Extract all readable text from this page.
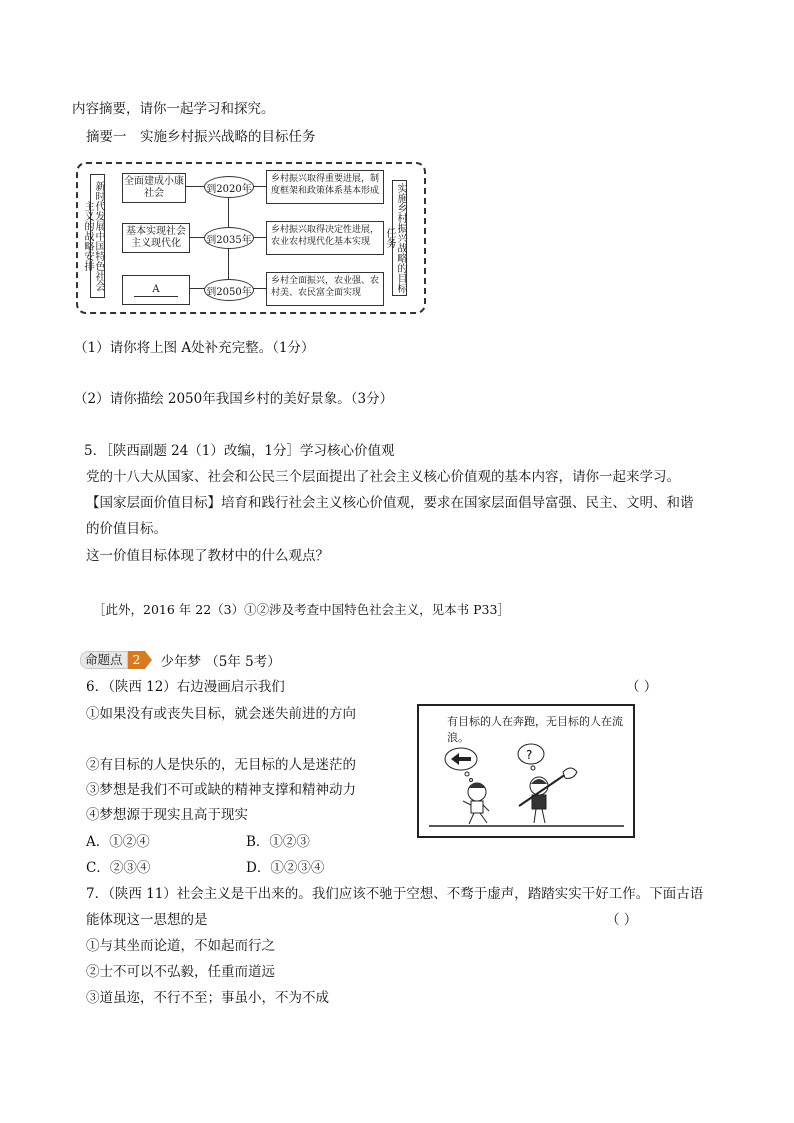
内容摘要，请你一起学习和探究。
摘要一　实施乡村振兴战略的目标任务
新时代发展中国特色社会主义的战略安排	实施乡村振兴战略的目标任务
全面建成小康社会	到2020年
乡村振兴取得重要进展，制度框架和政策体系基本形成
基本实现社会主义现代化	到2035年
乡村振兴取得决定性进展，农业农村现代化基本实现
A	到2050年
乡村全面振兴，农业强、农村美、农民富全面实现
（1）请你将上图 A处补充完整。（1分）
（2）请你描绘 2050年我国乡村的美好景象。（3分）
5．［陕西副题 24（1）改编，1分］学习核心价值观
党的十八大从国家、社会和公民三个层面提出了社会主义核心价值观的基本内容，请你一起来学习。
【国家层面价值目标】培育和践行社会主义核心价值观，要求在国家层面倡导富强、民主、文明、和谐
的价值目标。
这一价值目标体现了教材中的什么观点？
［此外，2016 年 22（3）①②涉及考查中国特色社会主义，见本书 P33］
命题点 2	少年梦 （5年 5考）
6．（陕西 12）右边漫画启示我们	（ ）
①如果没有或丧失目标，就会迷失前进的方向
②有目标的人是快乐的，无目标的人是迷茫的
③梦想是我们不可或缺的精神支撑和精神动力
④梦想源于现实且高于现实
A．①②④	B．①②③
C．②③④	D．①②③④
有目标的人在奔跑，无目标的人在流浪。
?
7．（陕西 11）社会主义是干出来的。我们应该不驰于空想、不骛于虚声，踏踏实实干好工作。下面古语
能体现这一思想的是	（ ）
①与其坐而论道，不如起而行之
②士不可以不弘毅，任重而道远
③道虽迩，不行不至；事虽小，不为不成
